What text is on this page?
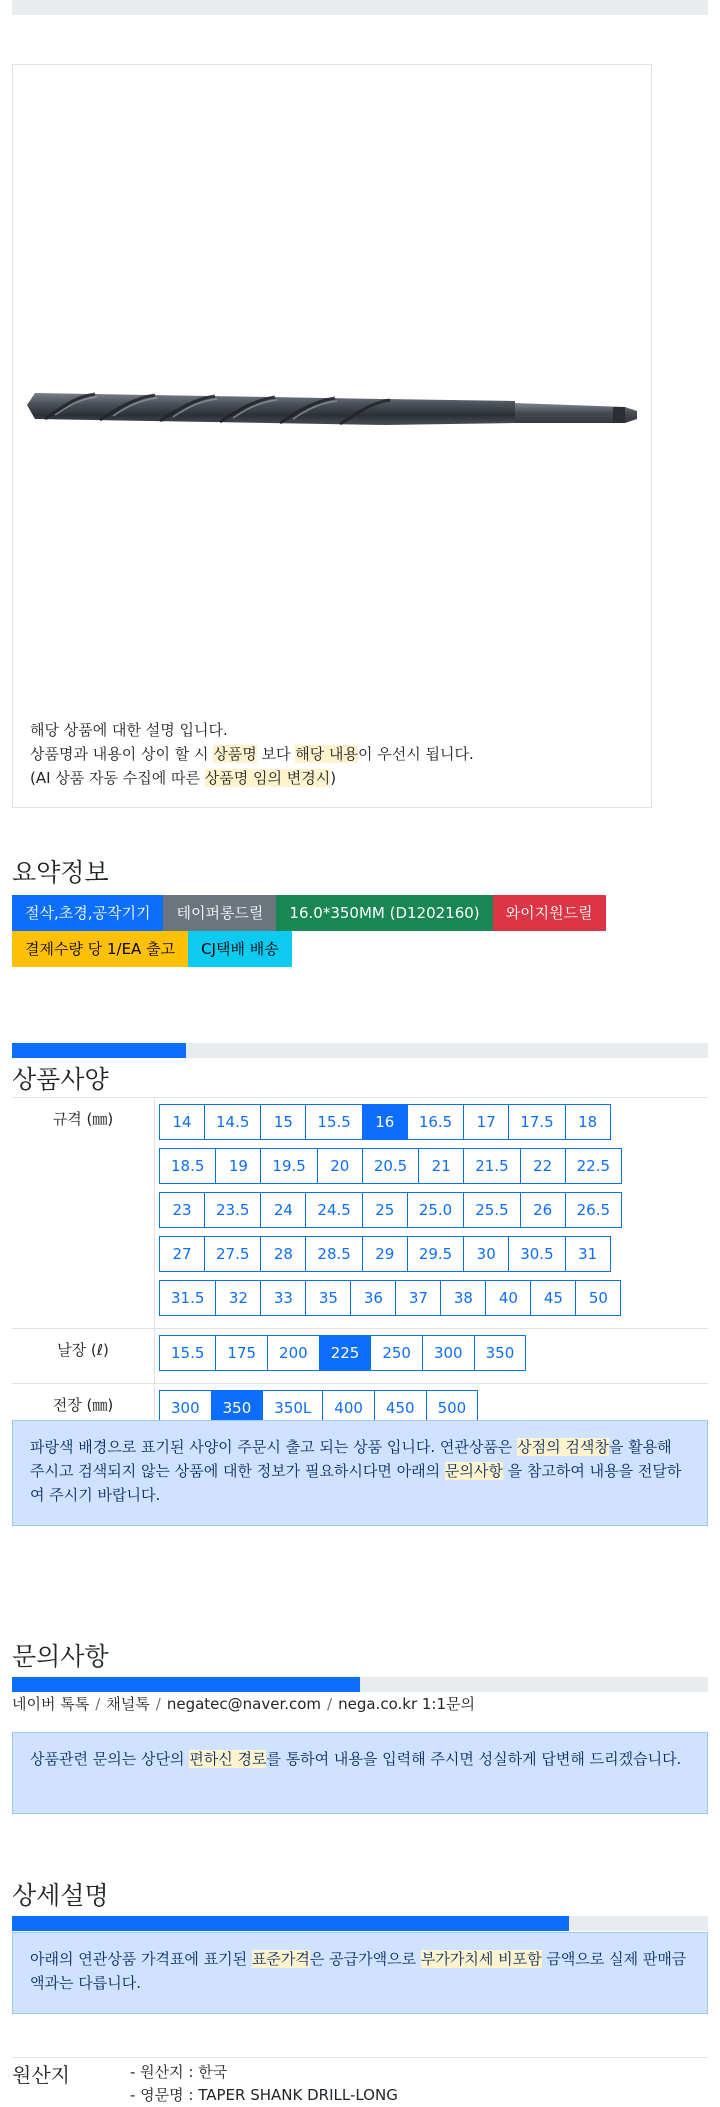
해당 상품에 대한 설명 입니다.
상품명과 내용이 상이 할 시 상품명 보다 해당 내용이 우선시 됩니다.
(AI 상품 자동 수집에 따른 상품명 임의 변경시)
요약정보
절삭,초경,공작기기 테이퍼롱드릴 16.0*350MM (D1202160) 와이지원드릴
결제수량 당 1/EA 출고 CJ택배 배송
상품사양
규격 (㎜)	14 14.5 15 15.5 16 16.5 17 17.5 18
18.5 19 19.5 20 20.5 21 21.5 22 22.5
23 23.5 24 24.5 25 25.0 25.5 26 26.5
27 27.5 28 28.5 29 29.5 30 30.5 31
31.5 32 33 35 36 37 38 40 45 50

날장 (ℓ)	15.5 175 200 225 250 300 350

전장 (㎜)	300 350 350L 400 450 500
파랑색 배경으로 표기된 사양이 주문시 출고 되는 상품 입니다. 연관상품은 상점의 검색창을 활용해 주시고 검색되지 않는 상품에 대한 정보가 필요하시다면 아래의 문의사항 을 참고하여 내용을 전달하여 주시기 바랍니다.
문의사항
네이버 톡톡 / 채널톡 / negatec@naver.com / nega.co.kr 1:1문의
상품관련 문의는 상단의 편하신 경로를 통하여 내용을 입력해 주시면 성실하게 답변해 드리겠습니다.
상세설명
아래의 연관상품 가격표에 표기된 표준가격은 공급가액으로 부가가치세 비포함 금액으로 실제 판매금액과는 다릅니다.
원산지	- 원산지 : 한국
- 영문명 : TAPER SHANK DRILL-LONG
